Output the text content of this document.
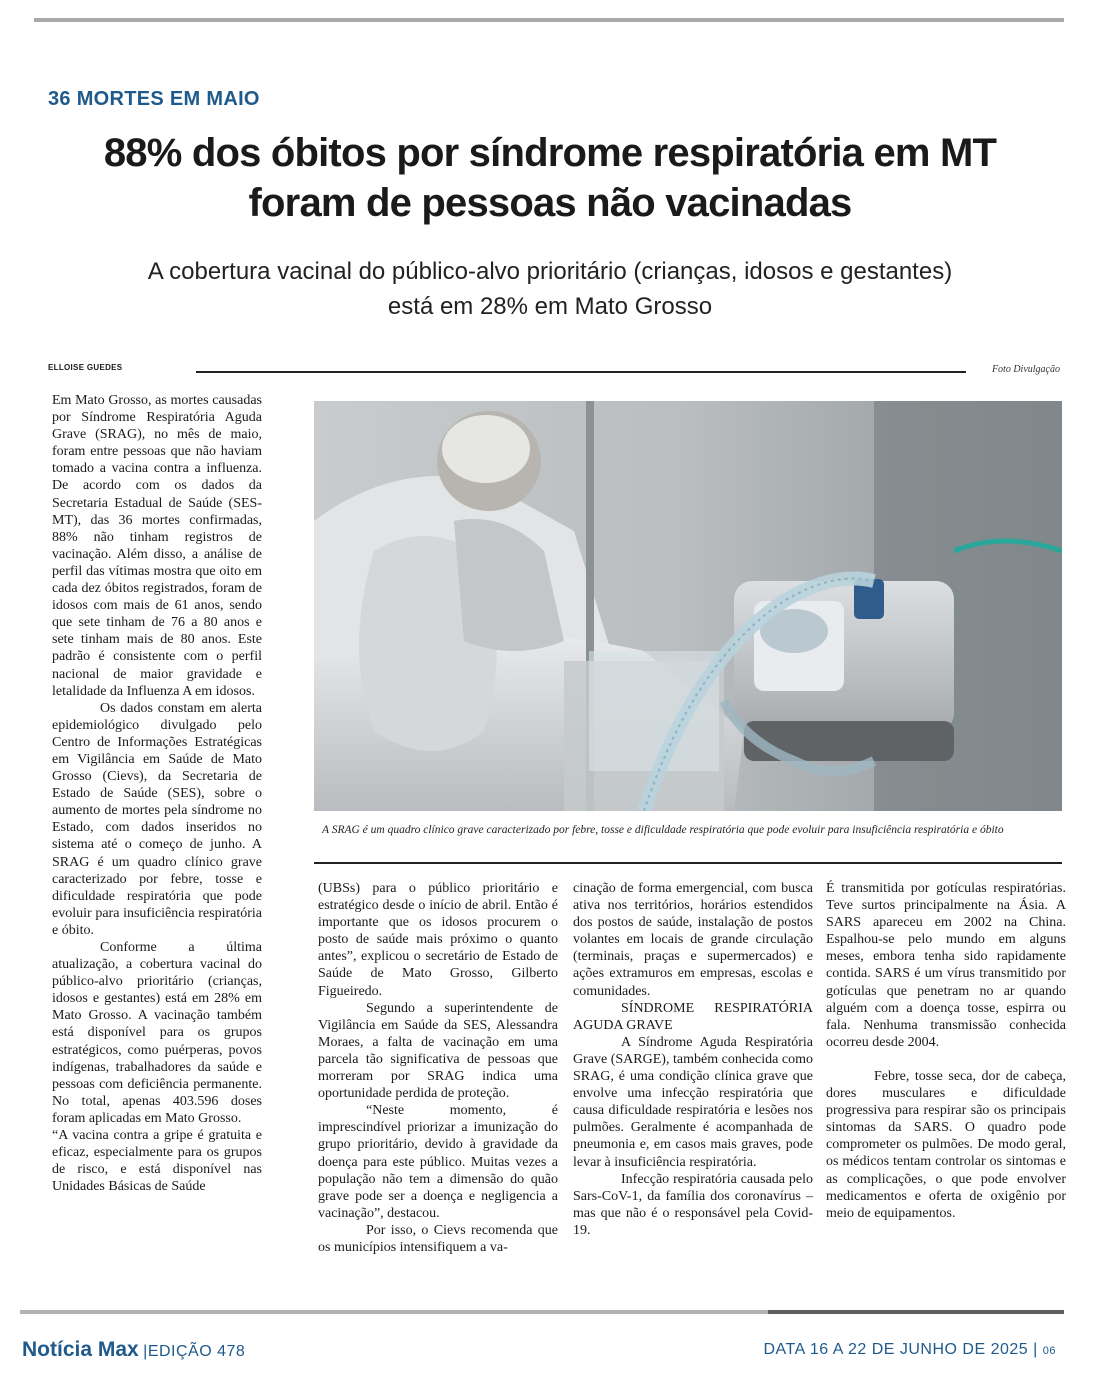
36 MORTES EM MAIO
88% dos óbitos por síndrome respiratória em MT
foram de pessoas não vacinadas

A cobertura vacinal do público-alvo prioritário (crianças, idosos e gestantes)
está em 28% em Mato Grosso

ELLOISE GUEDES	Foto Divulgação

A SRAG é um quadro clínico grave caracterizado por febre, tosse e dificuldade respiratória que pode evoluir para insuficiência respiratória e óbito

Em Mato Grosso, as mortes causadas por Síndrome Respiratória Aguda Grave (SRAG), no mês de maio, foram entre pessoas que não haviam tomado a vacina contra a influenza. De acordo com os dados da Secretaria Estadual de Saúde (SES-MT), das 36 mortes confirmadas, 88% não tinham registros de vacinação. Além disso, a análise de perfil das vítimas mostra que oito em cada dez óbitos registrados, foram de idosos com mais de 61 anos, sendo que sete tinham de 76 a 80 anos e sete tinham mais de 80 anos. Este padrão é consistente com o perfil nacional de maior gravidade e letalidade da Influenza A em idosos.

Os dados constam em alerta epidemiológico divulgado pelo Centro de Informações Estratégicas em Vigilância em Saúde de Mato Grosso (Cievs), da Secretaria de Estado de Saúde (SES), sobre o aumento de mortes pela síndrome no Estado, com dados inseridos no sistema até o começo de junho. A SRAG é um quadro clínico grave caracterizado por febre, tosse e dificuldade respiratória que pode evoluir para insuficiência respiratória e óbito.

Conforme a última atualização, a cobertura vacinal do público-alvo prioritário (crianças, idosos e gestantes) está em 28% em Mato Grosso. A vacinação também está disponível para os grupos estratégicos, como puérperas, povos indígenas, trabalhadores da saúde e pessoas com deficiência permanente. No total, apenas 403.596 doses foram aplicadas em Mato Grosso.

“A vacina contra a gripe é gratuita e eficaz, especialmente para os grupos de risco, e está disponível nas Unidades Básicas de Saúde

(UBSs) para o público prioritário e estratégico desde o início de abril. Então é importante que os idosos procurem o posto de saúde mais próximo o quanto antes”, explicou o secretário de Estado de Saúde de Mato Grosso, Gilberto Figueiredo.

Segundo a superintendente de Vigilância em Saúde da SES, Alessandra Moraes, a falta de vacinação em uma parcela tão significativa de pessoas que morreram por SRAG indica uma oportunidade perdida de proteção.

“Neste momento, é imprescindível priorizar a imunização do grupo prioritário, devido à gravidade da doença para este público. Muitas vezes a população não tem a dimensão do quão grave pode ser a doença e negligencia a vacinação”, destacou.

Por isso, o Cievs recomenda que os municípios intensifiquem a va-

cinação de forma emergencial, com busca ativa nos territórios, horários estendidos dos postos de saúde, instalação de postos volantes em locais de grande circulação (terminais, praças e supermercados) e ações extramuros em empresas, escolas e comunidades.

SÍNDROME RESPIRATÓRIA AGUDA GRAVE

A Síndrome Aguda Respiratória Grave (SARGE), também conhecida como SRAG, é uma condição clínica grave que envolve uma infecção respiratória que causa dificuldade respiratória e lesões nos pulmões. Geralmente é acompanhada de pneumonia e, em casos mais graves, pode levar à insuficiência respiratória.

Infecção respiratória causada pelo Sars-CoV-1, da família dos coronavírus – mas que não é o responsável pela Covid-19.

É transmitida por gotículas respiratórias. Teve surtos principalmente na Ásia. A SARS apareceu em 2002 na China. Espalhou-se pelo mundo em alguns meses, embora tenha sido rapidamente contida. SARS é um vírus transmitido por gotículas que penetram no ar quando alguém com a doença tosse, espirra ou fala. Nenhuma transmissão conhecida ocorreu desde 2004.

Febre, tosse seca, dor de cabeça, dores musculares e dificuldade progressiva para respirar são os principais sintomas da SARS. O quadro pode comprometer os pulmões. De modo geral, os médicos tentam controlar os sintomas e as complicações, o que pode envolver medicamentos e oferta de oxigênio por meio de equipamentos.

Notícia Max |EDIÇÃO 478	DATA 16 A 22 DE JUNHO DE 2025 | 06
